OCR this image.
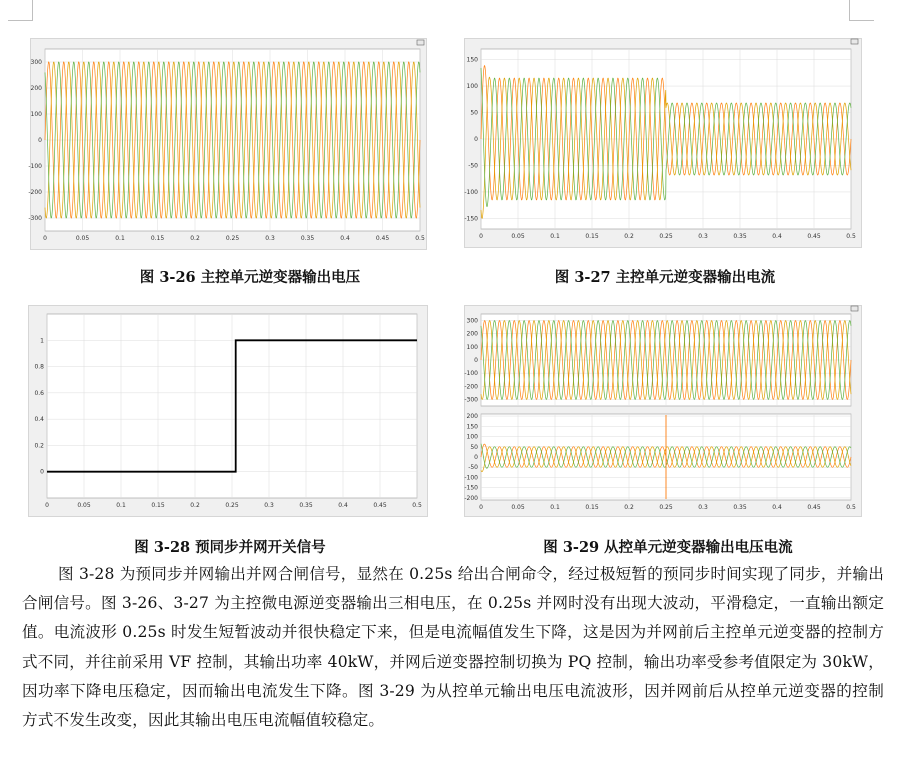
0	0.05	0.1	0.15	0.2	0.25	0.3	0.35	0.4	0.45	0.5
300
200
100
0
-100
-200
-300
图 3-26 主控单元逆变器输出电压
0	0.05	0.1	0.15	0.2	0.25	0.3	0.35	0.4	0.45	0.5
150
100
50
0
-50
-100
-150
图 3-27 主控单元逆变器输出电流
0	0.05	0.1	0.15	0.2	0.25	0.3	0.35	0.4	0.45	0.5
1
0.8
0.6
0.4
0.2
0
图 3-28 预同步并网开关信号
300
200
100
0
-100
-200
-300
0	0.05	0.1	0.15	0.2	0.25	0.3	0.35	0.4	0.45	0.5
200
150
100
50
0
-50
-100
-150
-200
图 3-29 从控单元逆变器输出电压电流
图 3-28 为预同步并网输出并网合闸信号，显然在 0.25s 给出合闸命令，经过极短暂的预同步时间实现了同步，并输出合闸信号。图 3-26、3-27 为主控微电源逆变器输出三相电压，在 0.25s 并网时没有出现大波动，平滑稳定，一直输出额定值。电流波形 0.25s 时发生短暂波动并很快稳定下来，但是电流幅值发生下降，这是因为并网前后主控单元逆变器的控制方式不同，并往前采用 VF 控制，其输出功率 40kW，并网后逆变器控制切换为 PQ 控制，输出功率受参考值限定为 30kW，因功率下降电压稳定，因而输出电流发生下降。图 3-29 为从控单元输出电压电流波形，因并网前后从控单元逆变器的控制方式不发生改变，因此其输出电压电流幅值较稳定。
